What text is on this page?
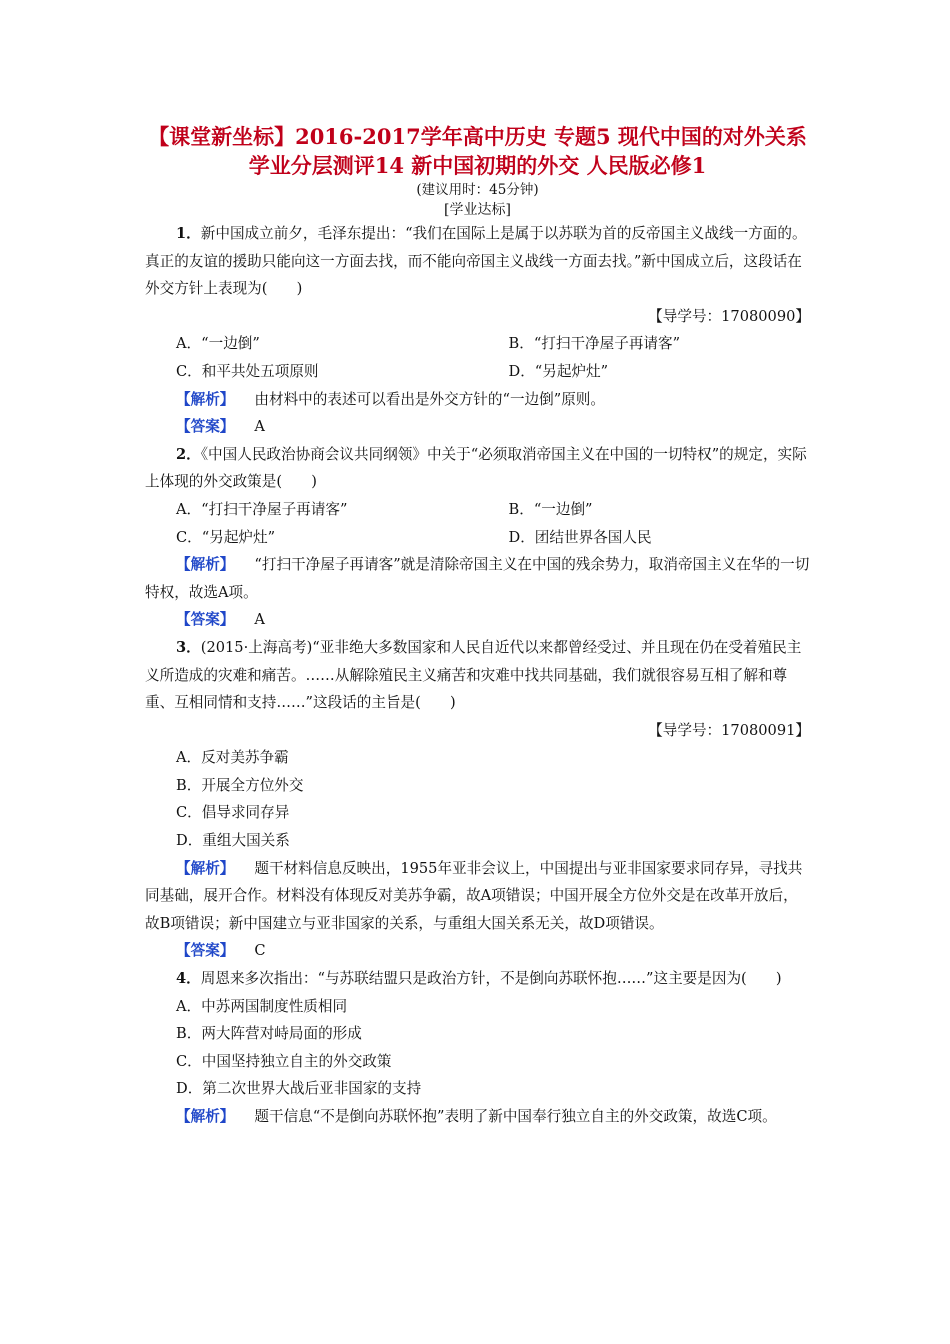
【课堂新坐标】2016-2017学年高中历史 专题5 现代中国的对外关系 学业分层测评14 新中国初期的外交 人民版必修1
(建议用时：45分钟)
[学业达标]

1．新中国成立前夕，毛泽东提出：“我们在国际上是属于以苏联为首的反帝国主义战线一方面的。真正的友谊的援助只能向这一方面去找，而不能向帝国主义战线一方面去找。”新中国成立后，这段话在外交方针上表现为(　　)

【导学号：17080090】

A．“一边倒”	B．“打扫干净屋子再请客”
C．和平共处五项原则	D．“另起炉灶”

【解析】 由材料中的表述可以看出是外交方针的“一边倒”原则。

【答案】 A

2．《中国人民政治协商会议共同纲领》中关于“必须取消帝国主义在中国的一切特权”的规定，实际上体现的外交政策是(　　)

A．“打扫干净屋子再请客”	B．“一边倒”
C．“另起炉灶”	D．团结世界各国人民

【解析】 “打扫干净屋子再请客”就是清除帝国主义在中国的残余势力，取消帝国主义在华的一切特权，故选A项。

【答案】 A

3．(2015·上海高考)“亚非绝大多数国家和人民自近代以来都曾经受过、并且现在仍在受着殖民主义所造成的灾难和痛苦。……从解除殖民主义痛苦和灾难中找共同基础，我们就很容易互相了解和尊重、互相同情和支持……”这段话的主旨是(　　)

【导学号：17080091】

A．反对美苏争霸

B．开展全方位外交

C．倡导求同存异

D．重组大国关系

【解析】 题干材料信息反映出，1955年亚非会议上，中国提出与亚非国家要求同存异，寻找共同基础，展开合作。材料没有体现反对美苏争霸，故A项错误；中国开展全方位外交是在改革开放后，故B项错误；新中国建立与亚非国家的关系，与重组大国关系无关，故D项错误。

【答案】 C

4．周恩来多次指出：“与苏联结盟只是政治方针，不是倒向苏联怀抱……”这主要是因为(　　)

A．中苏两国制度性质相同

B．两大阵营对峙局面的形成

C．中国坚持独立自主的外交政策

D．第二次世界大战后亚非国家的支持

【解析】 题干信息“不是倒向苏联怀抱”表明了新中国奉行独立自主的外交政策，故选C项。
